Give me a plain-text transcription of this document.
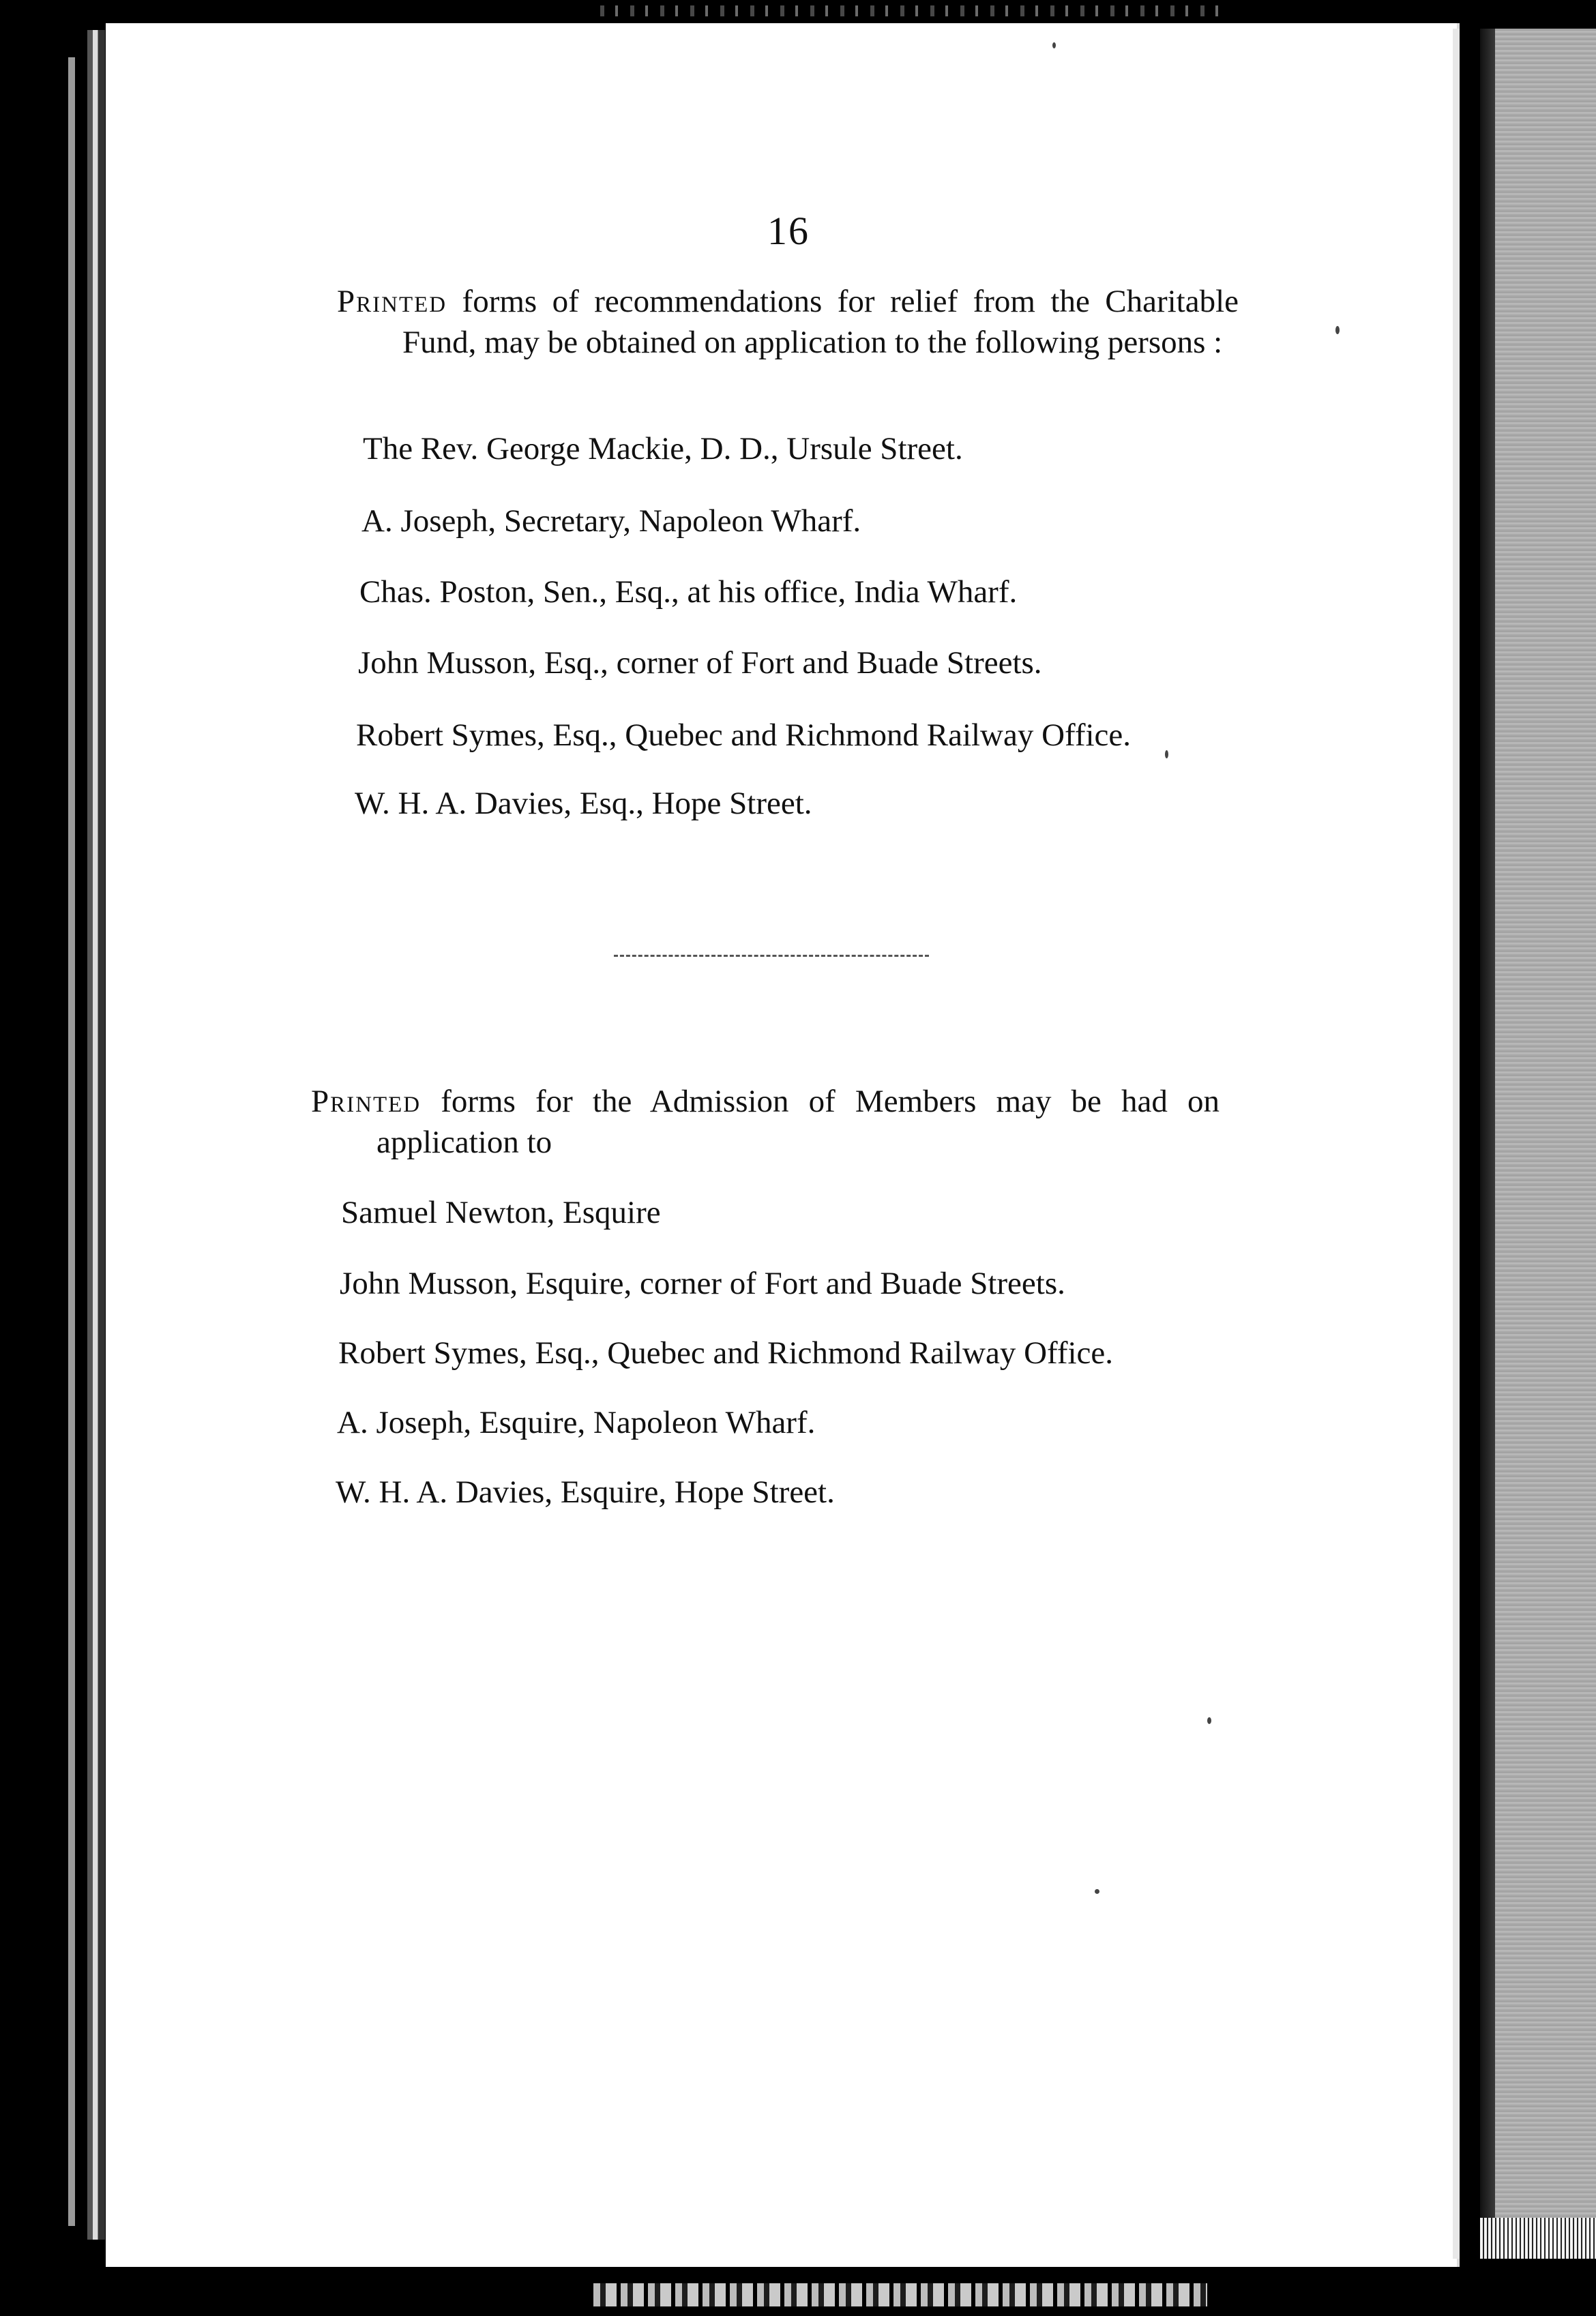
16
Printed forms of recommendations for relief from the Charitable Fund, may be obtained on application to the following persons :
The Rev. George Mackie, D. D., Ursule Street.
A. Joseph, Secretary, Napoleon Wharf.
Chas. Poston, Sen., Esq., at his office, India Wharf.
John Musson, Esq., corner of Fort and Buade Streets.
Robert Symes, Esq., Quebec and Richmond Railway Office.
W. H. A. Davies, Esq., Hope Street.
Printed forms for the Admission of Members may be had on application to
Samuel Newton, Esquire
John Musson, Esquire, corner of Fort and Buade Streets.
Robert Symes, Esq., Quebec and Richmond Railway Office.
A. Joseph, Esquire, Napoleon Wharf.
W. H. A. Davies, Esquire, Hope Street.
